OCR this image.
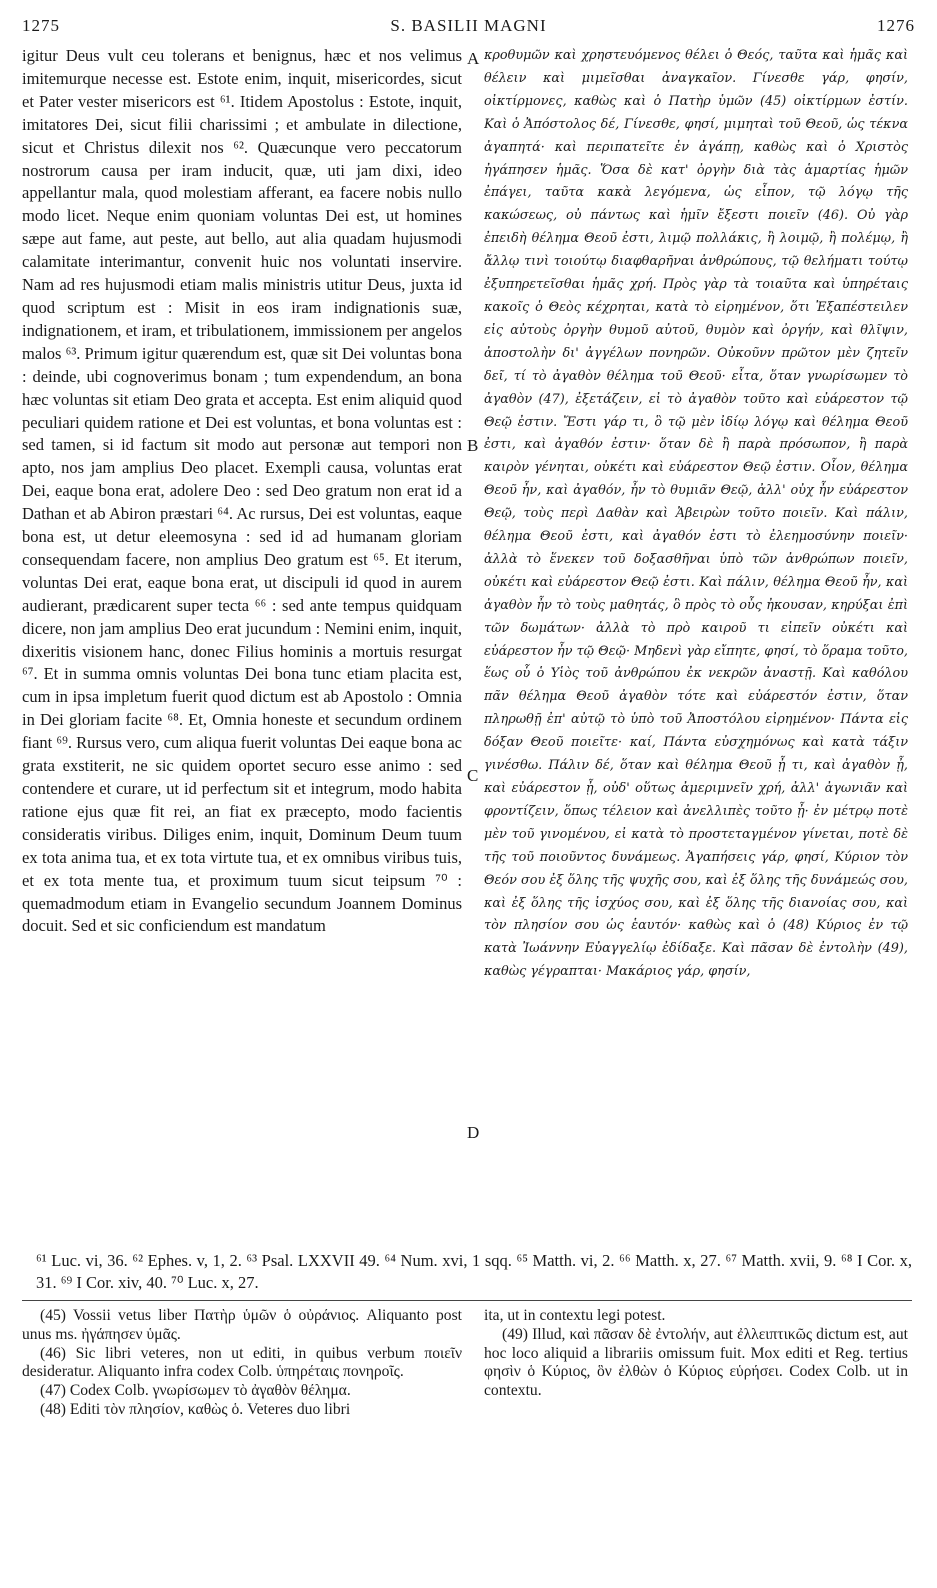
1275	S. BASILII MAGNI	1276

igitur Deus vult ceu tolerans et benignus, hæc et nos velimus imitemurque necesse est. Estote enim, inquit, misericordes, sicut et Pater vester misericors est ⁶¹. Itidem Apostolus : Estote, inquit, imitatores Dei, sicut filii charissimi ; et ambulate in dilectione, sicut et Christus dilexit nos ⁶². Quæcunque vero peccatorum nostrorum causa per iram inducit, quæ, uti jam dixi, ideo appellantur mala, quod molestiam afferant, ea facere nobis nullo modo licet. Neque enim quoniam voluntas Dei est, ut homines sæpe aut fame, aut peste, aut bello, aut alia quadam hujusmodi calamitate interimantur, convenit huic nos voluntati inservire. Nam ad res hujusmodi etiam malis ministris utitur Deus, juxta id quod scriptum est : Misit in eos iram indignationis suæ, indignationem, et iram, et tribulationem, immissionem per angelos malos ⁶³. Primum igitur quærendum est, quæ sit Dei voluntas bona : deinde, ubi cognoverimus bonam ; tum expendendum, an bona hæc voluntas sit etiam Deo grata et accepta. Est enim aliquid quod peculiari quidem ratione et Dei est voluntas, et bona voluntas est : sed tamen, si id factum sit modo aut personæ aut tempori non apto, nos jam amplius Deo placet. Exempli causa, voluntas erat Dei, eaque bona erat, adolere Deo : sed Deo gratum non erat id a Dathan et ab Abiron præstari ⁶⁴. Ac rursus, Dei est voluntas, eaque bona est, ut detur eleemosyna : sed id ad humanam gloriam consequendam facere, non amplius Deo gratum est ⁶⁵. Et iterum, voluntas Dei erat, eaque bona erat, ut discipuli id quod in aurem audierant, prædicarent super tecta ⁶⁶ : sed ante tempus quidquam dicere, non jam amplius Deo erat jucundum : Nemini enim, inquit, dixeritis visionem hanc, donec Filius hominis a mortuis resurgat ⁶⁷. Et in summa omnis voluntas Dei bona tunc etiam placita est, cum in ipsa impletum fuerit quod dictum est ab Apostolo : Omnia in Dei gloriam facite ⁶⁸. Et, Omnia honeste et secundum ordinem fiant ⁶⁹. Rursus vero, cum aliqua fuerit voluntas Dei eaque bona ac grata exstiterit, ne sic quidem oportet securo esse animo : sed contendere et curare, ut id perfectum sit et integrum, modo habita ratione ejus quæ fit rei, an fiat ex præcepto, modo facientis consideratis viribus. Diliges enim, inquit, Dominum Deum tuum ex tota anima tua, et ex tota virtute tua, et ex omnibus viribus tuis, et ex tota mente tua, et proximum tuum sicut teipsum ⁷⁰ : quemadmodum etiam in Evangelio secundum Joannem Dominus docuit. Sed et sic conficiendum est mandatum

A
B
C
D

κροθυμῶν καὶ χρηστευόμενος θέλει ὁ Θεός, ταῦτα καὶ ἡμᾶς καὶ θέλειν καὶ μιμεῖσθαι ἀναγκαῖον. Γίνεσθε γάρ, φησίν, οἰκτίρμονες, καθὼς καὶ ὁ Πατὴρ ὑμῶν (45) οἰκτίρμων ἐστίν. Καὶ ὁ Ἀπόστολος δέ, Γίνεσθε, φησί, μιμηταὶ τοῦ Θεοῦ, ὡς τέκνα ἀγαπητά· καὶ περιπατεῖτε ἐν ἀγάπῃ, καθὼς καὶ ὁ Χριστὸς ἠγάπησεν ἡμᾶς. Ὅσα δὲ κατ' ὀργὴν διὰ τὰς ἁμαρτίας ἡμῶν ἐπάγει, ταῦτα κακὰ λεγόμενα, ὡς εἶπον, τῷ λόγῳ τῆς κακώσεως, οὐ πάντως καὶ ἡμῖν ἔξεστι ποιεῖν (46). Οὐ γὰρ ἐπειδὴ θέλημα Θεοῦ ἐστι, λιμῷ πολλάκις, ἢ λοιμῷ, ἢ πολέμῳ, ἢ ἄλλῳ τινὶ τοιούτῳ διαφθαρῆναι ἀνθρώπους, τῷ θελήματι τούτῳ ἐξυπηρετεῖσθαι ἡμᾶς χρή. Πρὸς γὰρ τὰ τοιαῦτα καὶ ὑπηρέταις κακοῖς ὁ Θεὸς κέχρηται, κατὰ τὸ εἰρημένον, ὅτι Ἐξαπέστειλεν εἰς αὐτοὺς ὀργὴν θυμοῦ αὐτοῦ, θυμὸν καὶ ὀργήν, καὶ θλῖψιν, ἀποστολὴν δι' ἀγγέλων πονηρῶν. Οὐκοῦνν πρῶτον μὲν ζητεῖν δεῖ, τί τὸ ἀγαθὸν θέλημα τοῦ Θεοῦ· εἶτα, ὅταν γνωρίσωμεν τὸ ἀγαθὸν (47), ἐξετάζειν, εἰ τὸ ἀγαθὸν τοῦτο καὶ εὐάρεστον τῷ Θεῷ ἐστιν. Ἔστι γάρ τι, ὃ τῷ μὲν ἰδίῳ λόγῳ καὶ θέλημα Θεοῦ ἐστι, καὶ ἀγαθόν ἐστιν· ὅταν δὲ ἢ παρὰ πρόσωπον, ἢ παρὰ καιρὸν γένηται, οὐκέτι καὶ εὐάρεστον Θεῷ ἐστιν. Οἷον, θέλημα Θεοῦ ἦν, καὶ ἀγαθόν, ἦν τὸ θυμιᾶν Θεῷ, ἀλλ' οὐχ ἦν εὐάρεστον Θεῷ, τοὺς περὶ Δαθὰν καὶ Ἀβειρὼν τοῦτο ποιεῖν. Καὶ πάλιν, θέλημα Θεοῦ ἐστι, καὶ ἀγαθόν ἐστι τὸ ἐλεημοσύνην ποιεῖν· ἀλλὰ τὸ ἕνεκεν τοῦ δοξασθῆναι ὑπὸ τῶν ἀνθρώπων ποιεῖν, οὐκέτι καὶ εὐάρεστον Θεῷ ἐστι. Καὶ πάλιν, θέλημα Θεοῦ ἦν, καὶ ἀγαθὸν ἦν τὸ τοὺς μαθητάς, ὃ πρὸς τὸ οὖς ἠκουσαν, κηρύξαι ἐπὶ τῶν δωμάτων· ἀλλὰ τὸ πρὸ καιροῦ τι εἰπεῖν οὐκέτι καὶ εὐάρεστον ἦν τῷ Θεῷ· Μηδενὶ γὰρ εἴπητε, φησί, τὸ ὅραμα τοῦτο, ἕως οὗ ὁ Υἱὸς τοῦ ἀνθρώπου ἐκ νεκρῶν ἀναστῇ. Καὶ καθόλου πᾶν θέλημα Θεοῦ ἀγαθὸν τότε καὶ εὐάρεστόν ἐστιν, ὅταν πληρωθῇ ἐπ' αὐτῷ τὸ ὑπὸ τοῦ Ἀποστόλου εἰρημένον· Πάντα εἰς δόξαν Θεοῦ ποιεῖτε· καί, Πάντα εὐσχημόνως καὶ κατὰ τάξιν γινέσθω. Πάλιν δέ, ὅταν καὶ θέλημα Θεοῦ ᾖ τι, καὶ ἀγαθὸν ᾖ, καὶ εὐάρεστον ᾖ, οὐδ' οὕτως ἀμεριμνεῖν χρή, ἀλλ' ἀγωνιᾶν καὶ φροντίζειν, ὅπως τέλειον καὶ ἀνελλιπὲς τοῦτο ᾖ· ἐν μέτρῳ ποτὲ μὲν τοῦ γινομένου, εἰ κατὰ τὸ προστεταγμένον γίνεται, ποτὲ δὲ τῆς τοῦ ποιοῦντος δυνάμεως. Ἀγαπήσεις γάρ, φησί, Κύριον τὸν Θεόν σου ἐξ ὅλης τῆς ψυχῆς σου, καὶ ἐξ ὅλης τῆς δυνάμεώς σου, καὶ ἐξ ὅλης τῆς ἰσχύος σου, καὶ ἐξ ὅλης τῆς διανοίας σου, καὶ τὸν πλησίον σου ὡς ἑαυτόν· καθὼς καὶ ὁ (48) Κύριος ἐν τῷ κατὰ Ἰωάννην Εὐαγγελίῳ ἐδίδαξε. Καὶ πᾶσαν δὲ ἐντολὴν (49), καθὼς γέγραπται· Μακάριος γάρ, φησίν,

⁶¹ Luc. vi, 36. ⁶² Ephes. v, 1, 2. ⁶³ Psal. LXXVII 49. ⁶⁴ Num. xvi, 1 sqq. ⁶⁵ Matth. vi, 2. ⁶⁶ Matth. x, 27. ⁶⁷ Matth. xvii, 9. ⁶⁸ I Cor. x, 31. ⁶⁹ I Cor. xiv, 40. ⁷⁰ Luc. x, 27.

(45) Vossii vetus liber Πατὴρ ὑμῶν ὁ οὐράνιος. Aliquanto post unus ms. ἠγάπησεν ὑμᾶς.

(46) Sic libri veteres, non ut editi, in quibus verbum ποιεῖν desideratur. Aliquanto infra codex Colb. ὑπηρέταις πονηροῖς.

(47) Codex Colb. γνωρίσωμεν τὸ ἀγαθὸν θέλημα.

(48) Editi τὸν πλησίον, καθὼς ὁ. Veteres duo libri

ita, ut in contextu legi potest.

(49) Illud, καὶ πᾶσαν δὲ ἐντολήν, aut ἐλλειπτικῶς dictum est, aut hoc loco aliquid a librariis omissum fuit. Mox editi et Reg. tertius φησὶν ὁ Κύριος, ὃν ἐλθὼν ὁ Κύριος εὑρήσει. Codex Colb. ut in contextu.
